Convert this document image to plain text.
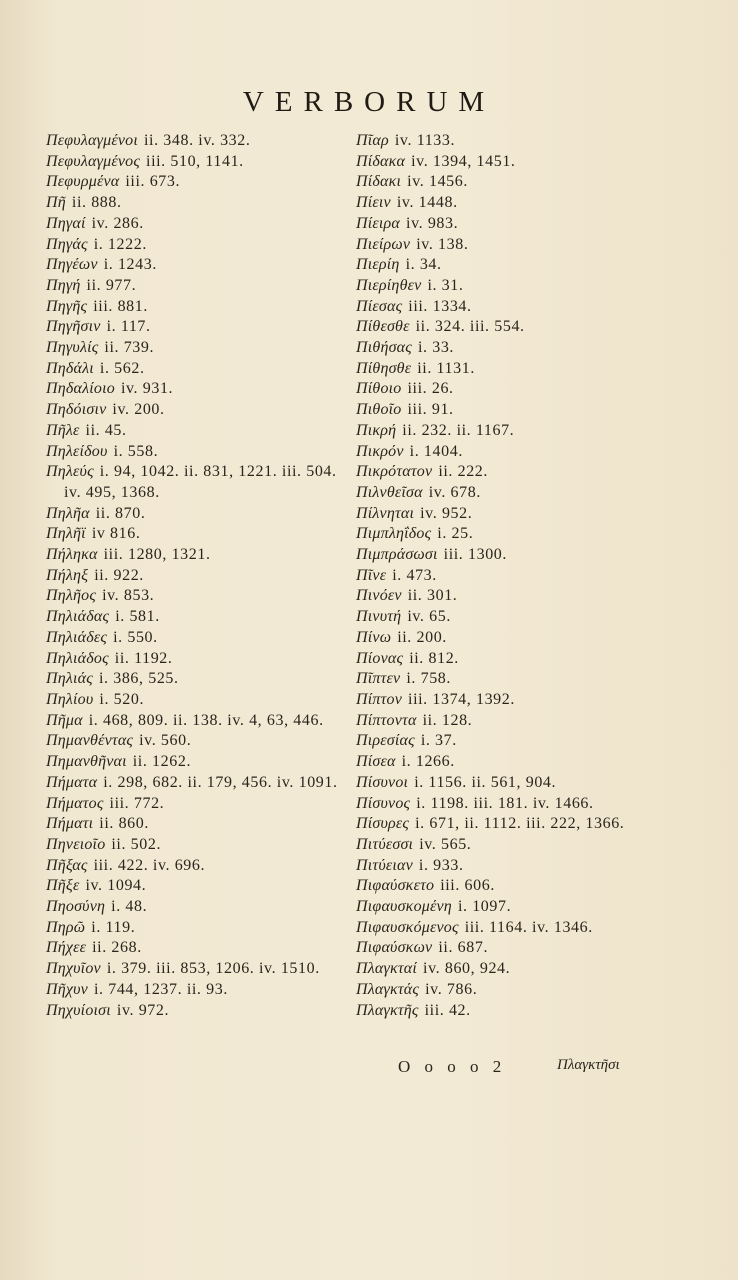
VERBORUM
Πεφυλαγμένοι ii. 348. iv. 332.
Πεφυλαγμένος iii. 510, 1141.
Πεφυρμένα iii. 673.
Πῆ ii. 888.
Πηγαί iv. 286.
Πηγάς i. 1222.
Πηγέων i. 1243.
Πηγή ii. 977.
Πηγῆς iii. 881.
Πηγῆσιν i. 117.
Πηγυλίς ii. 739.
Πηδάλι i. 562.
Πηδαλίοιο iv. 931.
Πηδόισιν iv. 200.
Πῆλε ii. 45.
Πηλείδου i. 558.
Πηλεύς i. 94, 1042. ii. 831, 1221. iii. 504. iv. 495, 1368.
Πηλῆα ii. 870.
Πηλῆϊ iv 816.
Πήληκα iii. 1280, 1321.
Πήληξ ii. 922.
Πηλῆος iv. 853.
Πηλιάδας i. 581.
Πηλιάδες i. 550.
Πηλιάδος ii. 1192.
Πηλιάς i. 386, 525.
Πηλίου i. 520.
Πῆμα i. 468, 809. ii. 138. iv. 4, 63, 446.
Πημανθέντας iv. 560.
Πημανθῆναι ii. 1262.
Πήματα i. 298, 682. ii. 179, 456. iv. 1091.
Πήματος iii. 772.
Πήματι ii. 860.
Πηνειοῖο ii. 502.
Πῆξας iii. 422. iv. 696.
Πῆξε iv. 1094.
Πηοσύνη i. 48.
Πηρῶ i. 119.
Πήχεε ii. 268.
Πηχυῖον i. 379. iii. 853, 1206. iv. 1510.
Πῆχυν i. 744, 1237. ii. 93.
Πηχυίοισι iv. 972.
Πῖαρ iv. 1133.
Πίδακα iv. 1394, 1451.
Πίδακι iv. 1456.
Πίειν iv. 1448.
Πίειρα iv. 983.
Πιείρων iv. 138.
Πιερίη i. 34.
Πιερίηθεν i. 31.
Πίεσας iii. 1334.
Πίθεσθε ii. 324. iii. 554.
Πιθήσας i. 33.
Πίθησθε ii. 1131.
Πίθοιο iii. 26.
Πιθοῖο iii. 91.
Πικρή ii. 232. ii. 1167.
Πικρόν i. 1404.
Πικρότατον ii. 222.
Πιλνθεῖσα iv. 678.
Πίλνηται iv. 952.
Πιμπληΐδος i. 25.
Πιμπράσωσι iii. 1300.
Πῖνε i. 473.
Πινόεν ii. 301.
Πινυτή iv. 65.
Πίνω ii. 200.
Πίονας ii. 812.
Πῖπτεν i. 758.
Πίπτον iii. 1374, 1392.
Πίπτοντα ii. 128.
Πιρεσίας i. 37.
Πίσεα i. 1266.
Πίσυνοι i. 1156. ii. 561, 904.
Πίσυνος i. 1198. iii. 181. iv. 1466.
Πίσυρες i. 671, ii. 1112. iii. 222, 1366.
Πιτύεσσι iv. 565.
Πιτύειαν i. 933.
Πιφαύσκετο iii. 606.
Πιφαυσκομένη i. 1097.
Πιφαυσκόμενος iii. 1164. iv. 1346.
Πιφαύσκων ii. 687.
Πλαγκταί iv. 860, 924.
Πλαγκτάς iv. 786.
Πλαγκτῆς iii. 42.
O o o o 2	Πλαγκτῆσι
